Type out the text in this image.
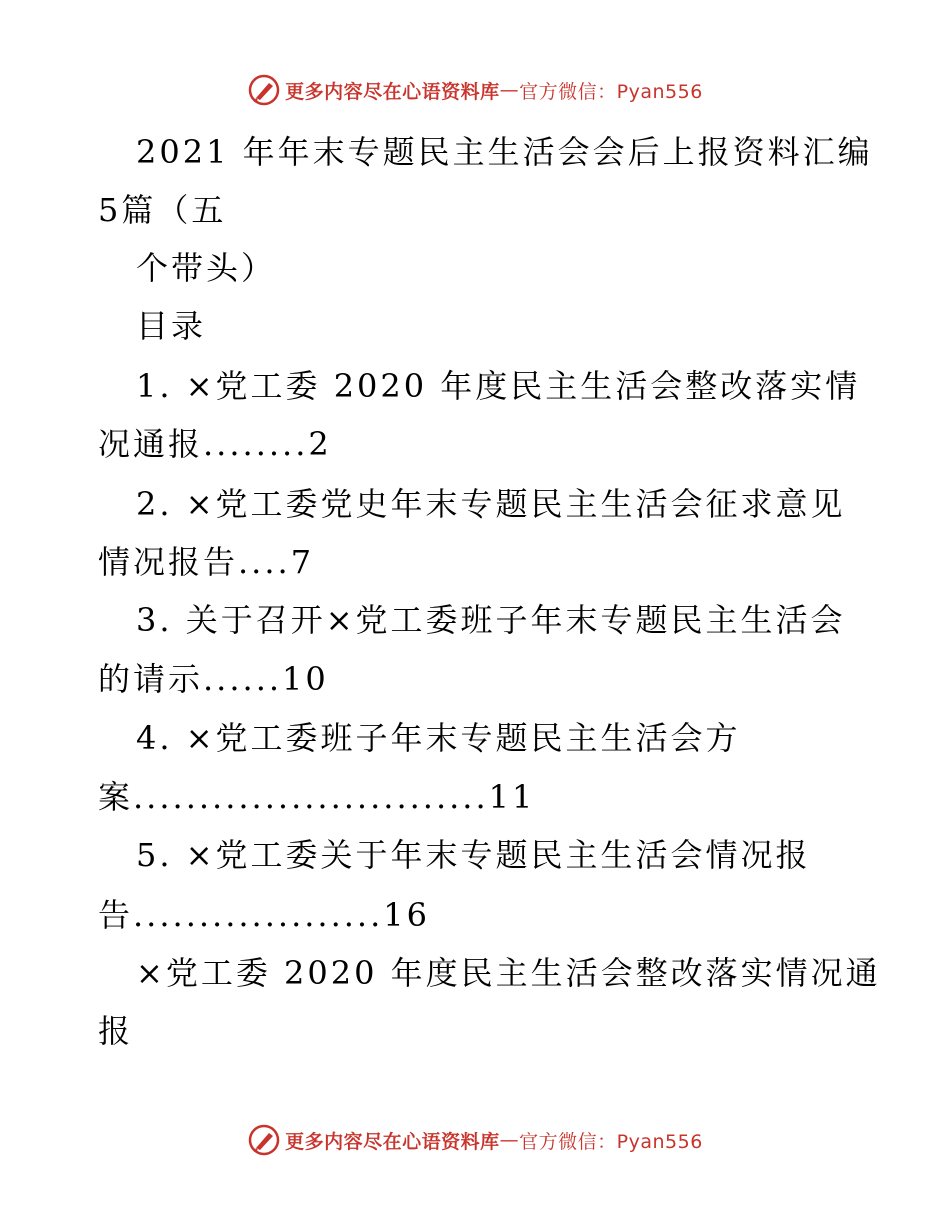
更多内容尽在心语资料库 — 官方微信：Pyan556
2021 年年末专题民主生活会会后上报资料汇编
5篇（五
个带头）
目录
1. ×党工委 2020 年度民主生活会整改落实情
况通报........2
2. ×党工委党史年末专题民主生活会征求意见
情况报告....7
3. 关于召开×党工委班子年末专题民主生活会
的请示......10
4. ×党工委班子年末专题民主生活会方
案...........................11
5. ×党工委关于年末专题民主生活会情况报
告...................16
×党工委 2020 年度民主生活会整改落实情况通
报
更多内容尽在心语资料库 — 官方微信：Pyan556
